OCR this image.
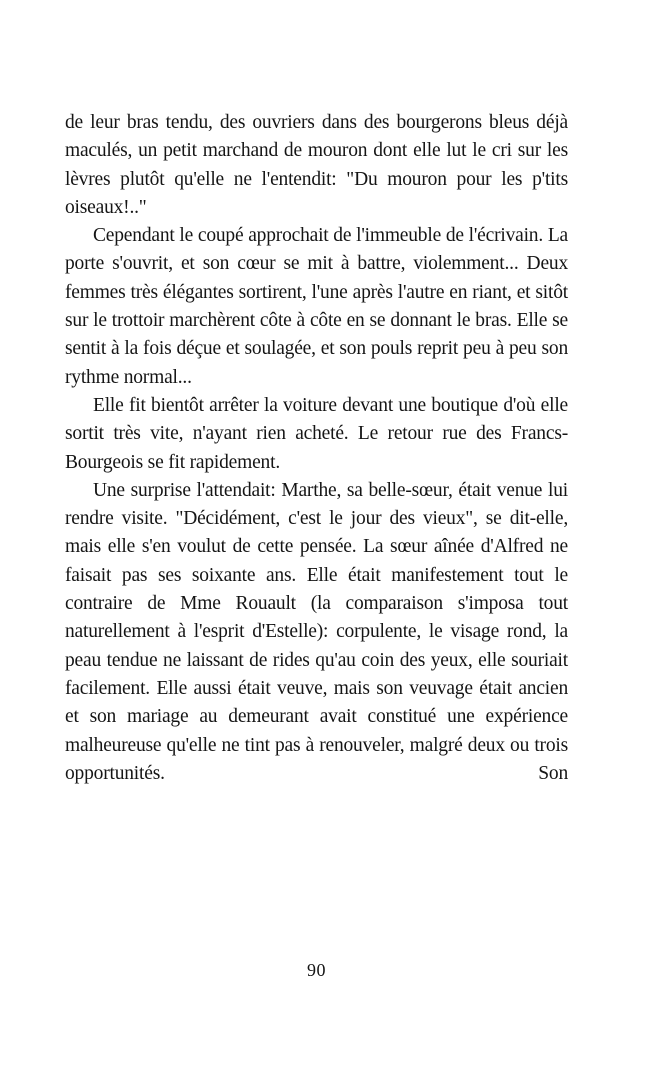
de leur bras tendu, des ouvriers dans des bourgerons bleus déjà maculés, un petit marchand de mouron dont elle lut le cri sur les lèvres plutôt qu'elle ne l'entendit: "Du mouron pour les p'tits oiseaux!.."

Cependant le coupé approchait de l'immeuble de l'écrivain. La porte s'ouvrit, et son cœur se mit à battre, violemment... Deux femmes très élégantes sortirent, l'une après l'autre en riant, et sitôt sur le trottoir marchèrent côte à côte en se donnant le bras. Elle se sentit à la fois déçue et soulagée, et son pouls reprit peu à peu son rythme normal...

Elle fit bientôt arrêter la voiture devant une boutique d'où elle sortit très vite, n'ayant rien acheté. Le retour rue des Francs-Bourgeois se fit rapidement.

Une surprise l'attendait: Marthe, sa belle-sœur, était venue lui rendre visite. "Décidément, c'est le jour des vieux", se dit-elle, mais elle s'en voulut de cette pensée. La sœur aînée d'Alfred ne faisait pas ses soixante ans. Elle était manifestement tout le contraire de Mme Rouault (la comparaison s'imposa tout naturellement à l'esprit d'Estelle): corpulente, le visage rond, la peau tendue ne laissant de rides qu'au coin des yeux, elle souriait facilement. Elle aussi était veuve, mais son veuvage était ancien et son mariage au demeurant avait constitué une expérience malheureuse qu'elle ne tint pas à renouveler, malgré deux ou trois opportunités. Son

90
